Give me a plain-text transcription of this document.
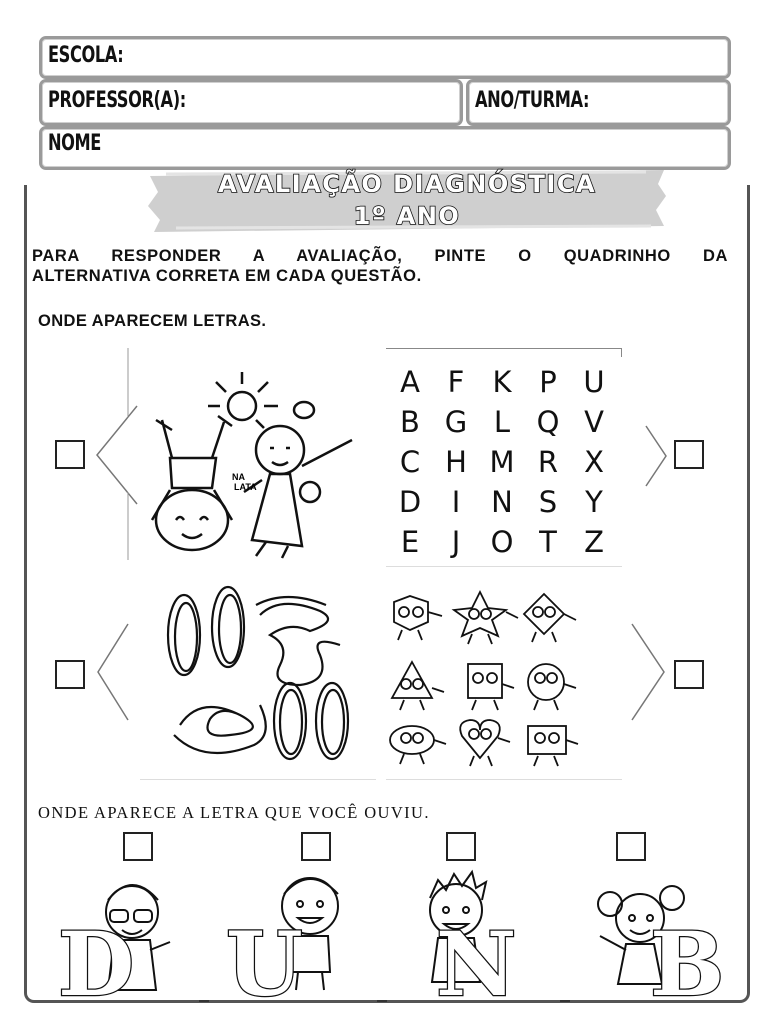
ESCOLA:
PROFESSOR(A):	ANO/TURMA:
NOME
AVALIAÇÃO DIAGNÓSTICA
1º ANO
PARA RESPONDER A AVALIAÇÃO, PINTE O QUADRINHO DA
ALTERNATIVA CORRETA EM CADA QUESTÃO.
ONDE APARECEM LETRAS.
NA
LATA
A F K P U
B G L Q V
C H M R X
D	I	N S Y
E	J	O T Z
ONDE APARECE A LETRA QUE VOCÊ OUVIU.
D U N B
